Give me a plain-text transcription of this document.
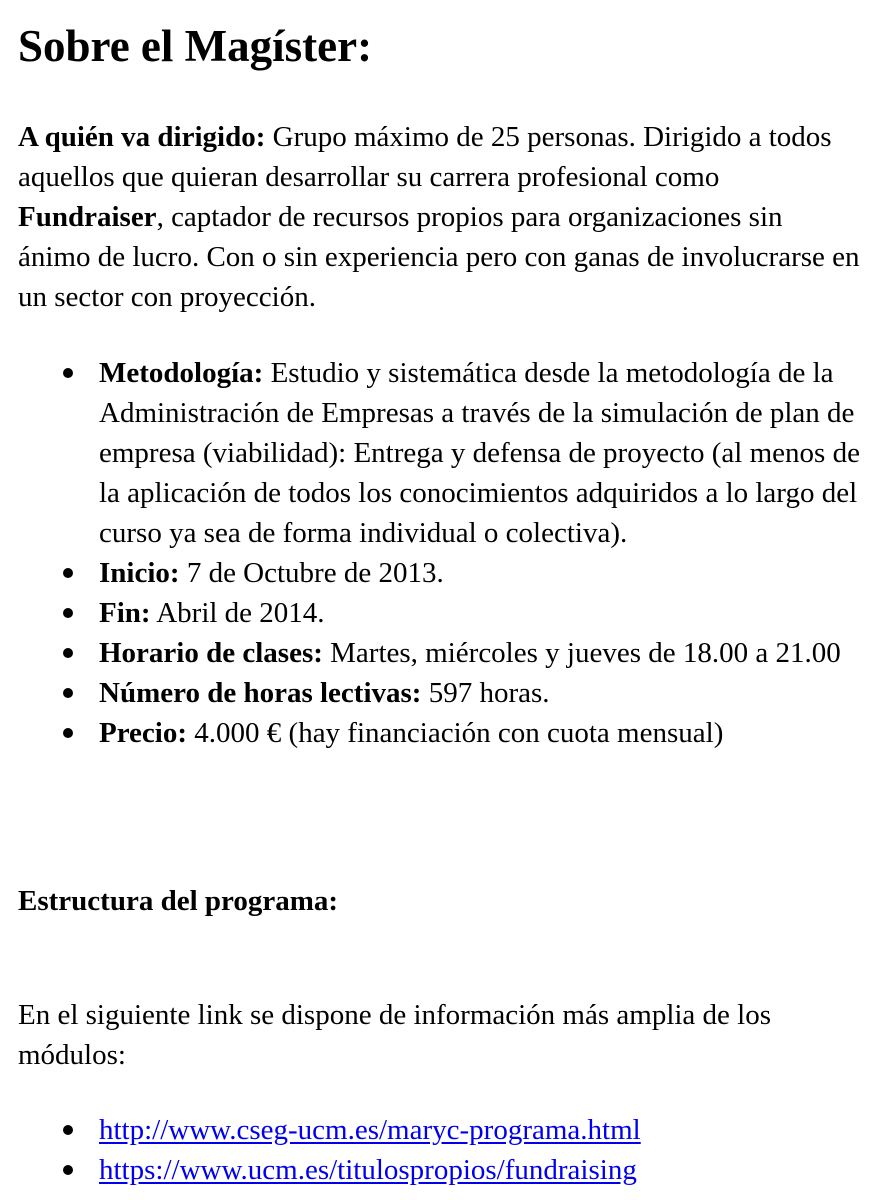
Sobre el Magíster:

A quién va dirigido: Grupo máximo de 25 personas. Dirigido a todos aquellos que quieran desarrollar su carrera profesional como Fundraiser, captador de recursos propios para organizaciones sin ánimo de lucro. Con o sin experiencia pero con ganas de involucrarse en un sector con proyección.

Metodología: Estudio y sistemática desde la metodología de la Administración de Empresas a través de la simulación de plan de empresa (viabilidad): Entrega y defensa de proyecto (al menos de la aplicación de todos los conocimientos adquiridos a lo largo del curso ya sea de forma individual o colectiva).
Inicio: 7 de Octubre de 2013.
Fin: Abril de 2014.
Horario de clases: Martes, miércoles y jueves de 18.00 a 21.00
Número de horas lectivas: 597 horas.
Precio: 4.000 € (hay financiación con cuota mensual)

Estructura del programa:

En el siguiente link se dispone de información más amplia de los módulos:

http://www.cseg-ucm.es/maryc-programa.html
https://www.ucm.es/titulospropios/fundraising
